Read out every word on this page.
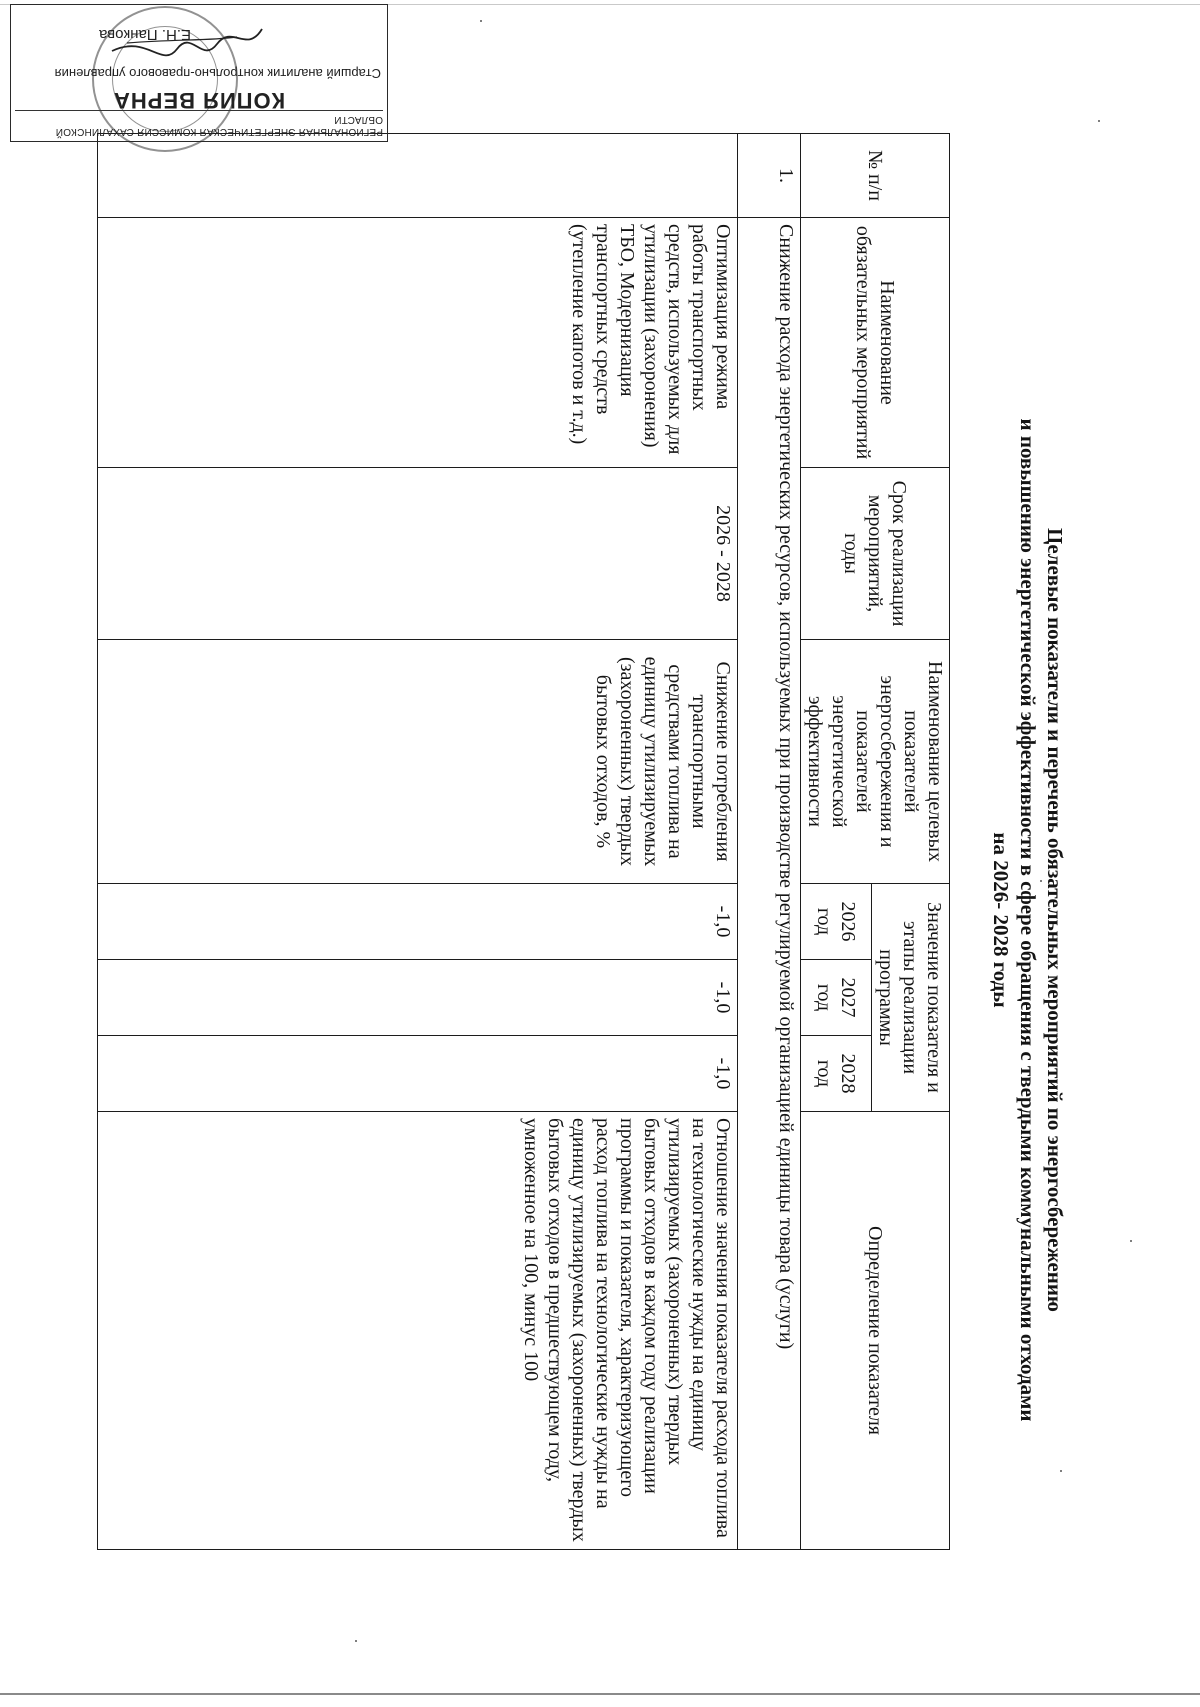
Целевые показатели и перечень обязательных мероприятий по энергосбережению
и повышению энергетической эффективности в сфере обращения с твердыми коммунальными отходами
на 2026- 2028 годы
№ п/п	Наименование обязательных мероприятий	Срок реализации мероприятий, годы	Наименование целевых показателей энергосбережения и показателей энергетической эффективности	Значение показателя и этапы реализации программы			Определение показателя
				2026 год	2027 год	2028 год	
1.	Снижение расхода энергетических ресурсов, используемых при производстве регулируемой организацией единицы товара (услуги)						
	Оптимизация режима работы транспортных средств, используемых для утилизации (захоронения) ТБО, Модернизация транспортных средств (утепление капотов и т.д.)	2026 - 2028	Снижение потребления транспортными средствами топлива на единицу утилизируемых (захороненных) твердых бытовых отходов, %	-1,0	-1,0	-1,0	Отношение значения показателя расхода топлива на технологические нужды на единицу утилизируемых (захороненных) твердых бытовых отходов в каждом году реализации программы и показателя, характеризующего расход топлива на технологические нужды на единицу утилизируемых (захороненных) твердых бытовых отходов в предшествующем году, умноженное на 100, минус 100
РЕГИОНАЛЬНАЯ ЭНЕРГЕТИЧЕСКАЯ КОМИССИЯ САХАЛИНСКОЙ ОБЛАСТИ
КОПИЯ ВЕРНА
Старший аналитик контрольно-правового управления
Е.Н. Панкова
